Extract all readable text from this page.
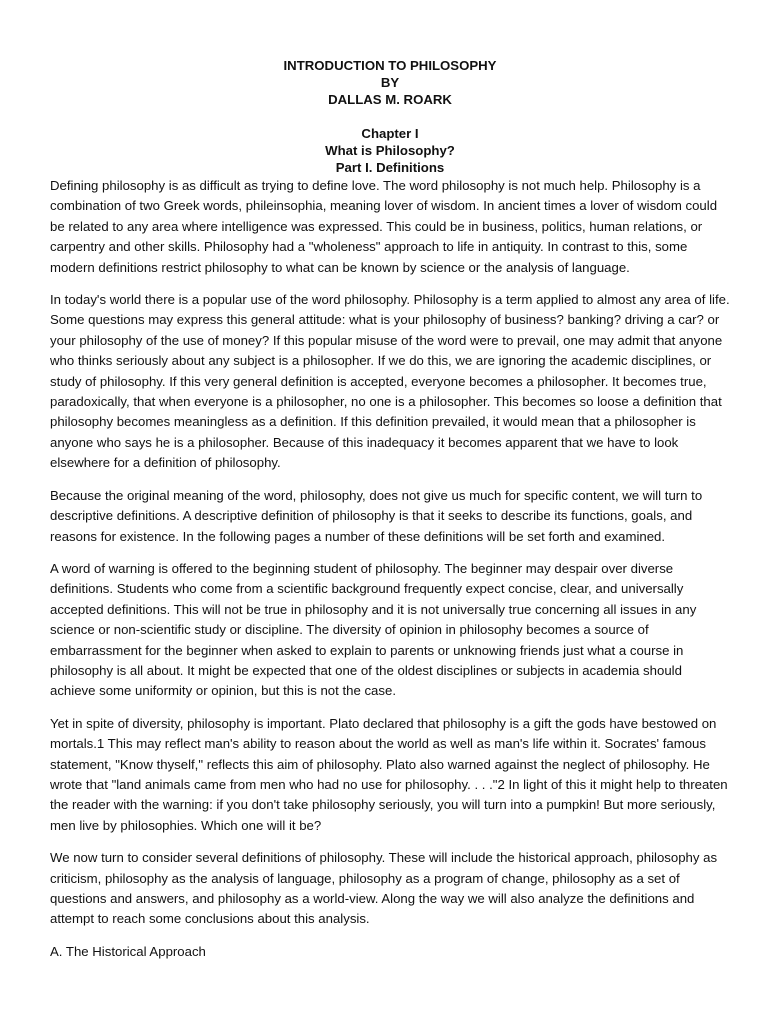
INTRODUCTION TO PHILOSOPHY
BY
DALLAS M. ROARK
Chapter I
What is Philosophy?
Part I. Definitions

Defining philosophy is as difficult as trying to define love. The word philosophy is not much help. Philosophy is a combination of two Greek words, phileinsophia, meaning lover of wisdom. In ancient times a lover of wisdom could be related to any area where intelligence was expressed. This could be in business, politics, human relations, or carpentry and other skills. Philosophy had a "wholeness" approach to life in antiquity. In contrast to this, some modern definitions restrict philosophy to what can be known by science or the analysis of language.

In today's world there is a popular use of the word philosophy. Philosophy is a term applied to almost any area of life. Some questions may express this general attitude: what is your philosophy of business? banking? driving a car? or your philosophy of the use of money? If this popular misuse of the word were to prevail, one may admit that anyone who thinks seriously about any subject is a philosopher. If we do this, we are ignoring the academic disciplines, or study of philosophy. If this very general definition is accepted, everyone becomes a philosopher. It becomes true, paradoxically, that when everyone is a philosopher, no one is a philosopher. This becomes so loose a definition that philosophy becomes meaningless as a definition. If this definition prevailed, it would mean that a philosopher is anyone who says he is a philosopher. Because of this inadequacy it becomes apparent that we have to look elsewhere for a definition of philosophy.

Because the original meaning of the word, philosophy, does not give us much for specific content, we will turn to descriptive definitions. A descriptive definition of philosophy is that it seeks to describe its functions, goals, and reasons for existence. In the following pages a number of these definitions will be set forth and examined.

A word of warning is offered to the beginning student of philosophy. The beginner may despair over diverse definitions. Students who come from a scientific background frequently expect concise, clear, and universally accepted definitions. This will not be true in philosophy and it is not universally true concerning all issues in any science or non-scientific study or discipline. The diversity of opinion in philosophy becomes a source of embarrassment for the beginner when asked to explain to parents or unknowing friends just what a course in philosophy is all about. It might be expected that one of the oldest disciplines or subjects in academia should achieve some uniformity or opinion, but this is not the case.

Yet in spite of diversity, philosophy is important. Plato declared that philosophy is a gift the gods have bestowed on mortals.1 This may reflect man's ability to reason about the world as well as man's life within it. Socrates' famous statement, "Know thyself," reflects this aim of philosophy. Plato also warned against the neglect of philosophy. He wrote that "land animals came from men who had no use for philosophy. . . ."2 In light of this it might help to threaten the reader with the warning: if you don't take philosophy seriously, you will turn into a pumpkin! But more seriously, men live by philosophies. Which one will it be?

We now turn to consider several definitions of philosophy. These will include the historical approach, philosophy as criticism, philosophy as the analysis of language, philosophy as a program of change, philosophy as a set of questions and answers, and philosophy as a world-view. Along the way we will also analyze the definitions and attempt to reach some conclusions about this analysis.

A. The Historical Approach
